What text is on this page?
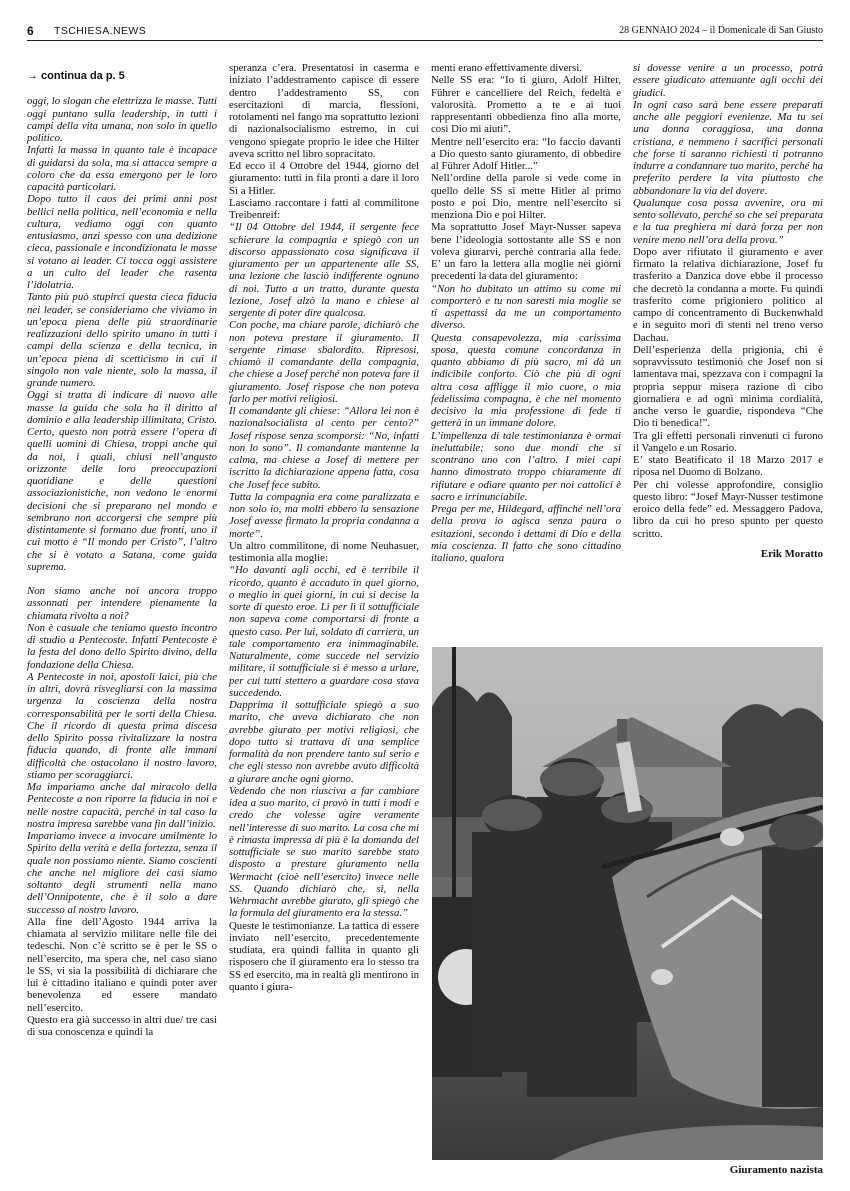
6 TSCHIESA.NEWS	28 GENNAIO 2024 – il Domenicale di San Giusto

→ continua da p. 5

oggi, lo slogan che elettrizza le masse. Tutti oggi puntano sulla leadership, in tutti i campi della vita umana, non solo in quello politico.

Infatti la massa in quanto tale è incapace di guidarsi da sola, ma si attacca sempre a coloro che da essa emergono per le loro capacità particolari.

Dopo tutto il caos dei primi anni post bellici nella politica, nell’economia e nella cultura, vediamo oggi con quanto entusiasmo, anzi spesso con una dedizione cieca, passionale e incondizionata le masse si votano ai leader. Ci tocca oggi assistere a un culto del leader che rasenta l’idolatria.

Tanto più può stupirci questa cieca fiducia nei leader, se consideriamo che viviamo in un’epoca piena delle più straordinarie realizzazioni dello spirito umano in tutti i campi della scienza e della tecnica, in un’epoca piena di scetticismo in cui il singolo non vale niente, solo la massa, il grande numero.

Oggi si tratta di indicare di nuovo alle masse la guida che sola ha il diritto al dominio e alla leadership illimitata, Cristo. Certo, questo non potrà essere l’opera di quelli uomini di Chiesa, troppi anche qui da noi, i quali, chiusi nell’angusto orizzonte delle loro preoccupazioni quotidiane e delle questioni associazionistiche, non vedono le enormi decisioni che si preparano nel mondo e sembrano non accorgersi che sempre più distintamente si formano due fronti, uno il cui motto è “Il mondo per Cristo”, l’altro che si è votato a Satana, come guida suprema.

Non siamo anche noi ancora troppo assonnati per intendere pienamente la chiamata rivolta a noi?

Non è casuale che teniamo questo incontro di studio a Pentecoste. Infatti Pentecoste è la festa del dono dello Spirito divino, della fondazione della Chiesa.

A Pentecoste in noi, apostoli laici, più che in altri, dovrà risvegliarsi con la massima urgenza la coscienza della nostra corresponsabilità per le sorti della Chiesa. Che il ricordo di questa prima discesa dello Spirito possa rivitalizzare la nostra fiducia quando, di fronte alle immani difficoltà che ostacolano il nostro lavoro, stiamo per scoraggiarci.

Ma impariamo anche dal miracolo della Pentecoste a non riporre la fiducia in noi e nelle nostre capacità, perché in tal caso la nostra impresa sarebbe vana fin dall’inizio.

Impariamo invece a invocare umilmente lo Spirito della verità e della fortezza, senza il quale non possiamo niente. Siamo coscienti che anche nel migliore dei casi siamo soltanto degli strumenti nella mano dell’Onnipotente, che è il solo a dare successo al nostro lavoro.

Alla fine dell’Agosto 1944 arriva la chiamata al servizio militare nelle file dei tedeschi. Non c’è scritto se è per le SS o nell’esercito, ma spera che, nel caso siano le SS, vi sia la possibilità di dichiarare che lui è cittadino italiano e quindi poter aver benevolenza ed essere mandato nell’esercito.

Questo era già successo in altri due/ tre casi di sua conoscenza e quindi la

speranza c’era. Presentatosi in caserma e iniziato l’addestramento capisce di essere dentro l’addestramento SS, con esercitazioni di marcia, flessioni, rotolamenti nel fango ma soprattutto lezioni di nazionalsocialismo estremo, in cui vengono spiegate proprio le idee che Hilter aveva scritto nel libro sopracitato.

Ed ecco il 4 Ottobre del 1944, giorno del giuramento: tutti in fila pronti a dare il loro Sì a Hitler.

Lasciamo raccontare i fatti al commilitone Treibenreif:

“Il 04 Ottobre del 1944, il sergente fece schierare la compagnia e spiegò con un discorso appassionato cosa significava il giuramento per un appartenente alle SS, una lezione che lasciò indifferente ognuno di noi. Tutto a un tratto, durante questa lezione, Josef alzò la mano e chiese al sergente di poter dire qualcosa.

Con poche, ma chiare parole, dichiarò che non poteva prestare il giuramento. Il sergente rimase sbalordito. Ripresosi, chiamò il comandante della compagnia, che chiese a Josef perché non poteva fare il giuramento. Josef rispose che non poteva farlo per motivi religiosi.

Il comandante gli chiese: “Allora lei non è nazionalsocialista al cento per cento?” Josef rispose senza scomporsi: “No, infatti non lo sono”. Il comandante mantenne la calma, ma chiese a Josef di mettere per iscritto la dichiarazione appena fatta, cosa che Josef fece subito.

Tutta la compagnia era come paralizzata e non solo io, ma molti ebbero la sensazione Josef avesse firmato la propria condanna a morte”.

Un altro commilitone, di nome Neuhasuer, testimonia alla moglie:

“Ho davanti agli occhi, ed è terribile il ricordo, quanto è accaduto in quel giorno, o meglio in quei giorni, in cui si decise la sorte di questo eroe. Lì per lì il sottufficiale non sapeva come comportarsi di fronte a questo caso. Per lui, soldato di carriera, un tale comportamento era inimmaginabile. Naturalmente, come succede nel servizio militare, il sottufficiale si è messo a urlare, per cui tutti stettero a guardare cosa stava succedendo.

Dapprima il sottufficiale spiegò a suo marito, che aveva dichiarato che non avrebbe giurato per motivi religiosi, che dopo tutto si trattava di una semplice formalità da non prendere tanto sul serio e che egli stesso non avrebbe avuto difficoltà a giurare anche ogni giorno.

Vedendo che non riusciva a far cambiare idea a suo marito, ci provò in tutti i modi e credo che volesse agire veramente nell’interesse di suo marito. La cosa che mi è rimasta impressa di più è la domanda del sottufficiale se suo marito sarebbe stato disposto a prestare giuramento nella Wermacht (cioè nell’esercito) invece nelle SS. Quando dichiarò che, sì, nella Wehrmacht avrebbe giurato, gli spiegò che la formula del giuramento era la stessa.”

Queste le testimonianze. La tattica di essere inviato nell’esercito, precedentemente studiata, era quindi fallita in quanto gli risposero che il giuramento era lo stesso tra SS ed esercito, ma in realtà gli mentirono in quanto i giura-

menti erano effettivamente diversi.

Nelle SS era: “Io ti giuro, Adolf Hilter, Führer e cancelliere del Reich, fedeltà e valorosità. Prometto a te e ai tuoi rappresentanti obbedienza fino alla morte, così Dio mi aiuti”.

Mentre nell’esercito era: “Io faccio davanti a Dio questo santo giuramento, di obbedire al Führer Adolf Hitler...”

Nell’ordine della parole si vede come in quello delle SS si mette Hitler al primo posto e poi Dio, mentre nell’esercito si menziona Dio e poi Hilter.

Ma soprattutto Josef Mayr-Nusser sapeva bene l’ideologia sottostante alle SS e non voleva giurarvi, perchè contraria alla fede. E’ un faro la lettera alla moglie nei giorni precedenti la data del giuramento:

“Non ho dubitato un attimo su come mi comporterò e tu non saresti mia moglie se ti aspettassi da me un comportamento diverso.

Questa consapevolezza, mia carissima sposa, questa comune concordanza in quanto abbiamo di più sacro, mi dà un indicibile conforto. Ciò che più di ogni altra cosa affligge il mio cuore, o mia fedelissima compagna, è che nel momento decisivo la mia professione di fede ti getterà in un immane dolore.

L’impellenza di tale testimonianza è ormai ineluttabile; sono due mondi che si scontrano uno con l’altro. I miei capi hanno dimostrato troppo chiaramente di rifiutare e odiare quanto per noi cattolici è sacro e irrinunciabile.

Prega per me, Hildegard, affinché nell’ora della prova io agisca senza paura o esitazioni, secondo i dettami di Dio e della mia coscienza. Il fatto che sono cittadino italiano, qualora

si dovesse venire a un processo, potrà essere giudicato attenuante agli occhi dei giudici.

In ogni caso sarà bene essere preparati anche alle peggiori evenienze. Ma tu sei una donna coraggiosa, una donna cristiana, e nemmeno i sacrifici personali che forse ti saranno richiesti ti potranno indurre a condannare tuo marito, perché ha preferito perdere la vita piuttosto che abbandonare la via del dovere.

Qualunque cosa possa avvenire, ora mi sento sollevato, perché so che sei preparata e la tua preghiera mi darà forza per non venire meno nell’ora della prova.”

Dopo aver rifiutato il giuramento e aver firmato la relativa dichiarazione, Josef fu trasferito a Danzica dove ebbe il processo che decretò la condanna a morte. Fu quindi trasferito come prigioniero politico al campo di concentramento di Buckenwhald e in seguito morì di stenti nel treno verso Dachau.

Dell’esperienza della prigionia, chi è sopravvissuto testimoniò che Josef non si lamentava mai, spezzava con i compagni la propria seppur misera razione di cibo giornaliera e ad ogni minima cordialità, anche verso le guardie, rispondeva “Che Dio ti benedica!”.

Tra gli effetti personali rinvenuti ci furono il Vangelo e un Rosario.

E’ stato Beatificato il 18 Marzo 2017 e riposa nel Duomo di Bolzano.

Per chi volesse approfondire, consiglio questo libro: “Josef Mayr-Nusser testimone eroico della fede” ed. Messaggero Padova, libro da cui ho preso spunto per questo scritto.

Erik Moratto

Giuramento nazista
